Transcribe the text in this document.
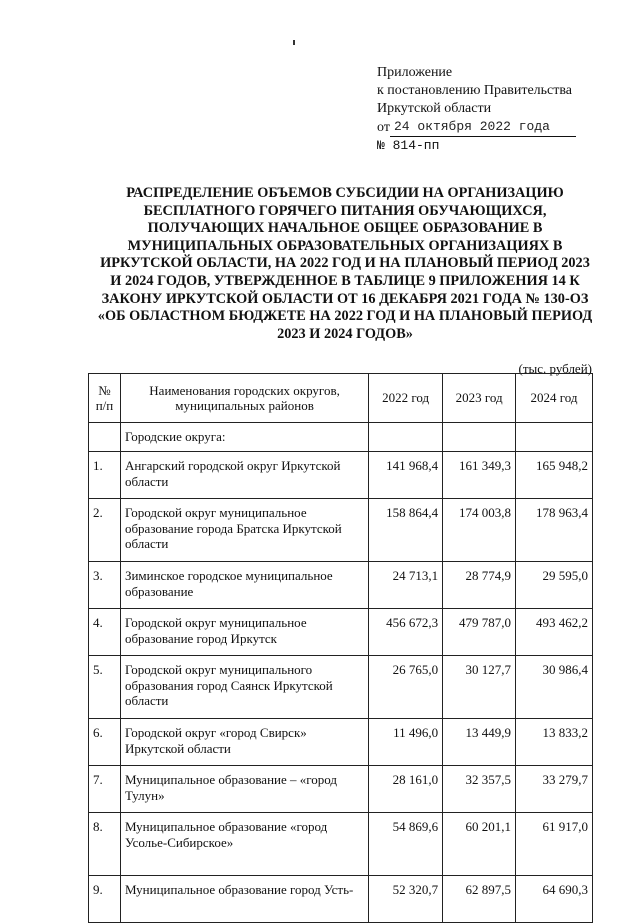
Приложение
к постановлению Правительства
Иркутской области
от 24 октября 2022 года
№ 814-пп
РАСПРЕДЕЛЕНИЕ ОБЪЕМОВ СУБСИДИИ НА ОРГАНИЗАЦИЮ БЕСПЛАТНОГО ГОРЯЧЕГО ПИТАНИЯ ОБУЧАЮЩИХСЯ, ПОЛУЧАЮЩИХ НАЧАЛЬНОЕ ОБЩЕЕ ОБРАЗОВАНИЕ В МУНИЦИПАЛЬНЫХ ОБРАЗОВАТЕЛЬНЫХ ОРГАНИЗАЦИЯХ В ИРКУТСКОЙ ОБЛАСТИ, НА 2022 ГОД И НА ПЛАНОВЫЙ ПЕРИОД 2023 И 2024 ГОДОВ, УТВЕРЖДЕННОЕ В ТАБЛИЦЕ 9 ПРИЛОЖЕНИЯ 14 К ЗАКОНУ ИРКУТСКОЙ ОБЛАСТИ ОТ 16 ДЕКАБРЯ 2021 ГОДА № 130-ОЗ «ОБ ОБЛАСТНОМ БЮДЖЕТЕ НА 2022 ГОД И НА ПЛАНОВЫЙ ПЕРИОД 2023 И 2024 ГОДОВ»
(тыс. рублей)
№ п/п	Наименования городских округов, муниципальных районов	2022 год	2023 год	2024 год
	Городские округа:			
1.	Ангарский городской округ Иркутской области	141 968,4	161 349,3	165 948,2
2.	Городской округ муниципальное образование города Братска Иркутской области	158 864,4	174 003,8	178 963,4
3.	Зиминское городское муниципальное образование	24 713,1	28 774,9	29 595,0
4.	Городской округ муниципальное образование город Иркутск	456 672,3	479 787,0	493 462,2
5.	Городской округ муниципального образования город Саянск Иркутской области	26 765,0	30 127,7	30 986,4
6.	Городской округ «город Свирск» Иркутской области	11 496,0	13 449,9	13 833,2
7.	Муниципальное образование – «город Тулун»	28 161,0	32 357,5	33 279,7
8.	Муниципальное образование «город Усолье-Сибирское»	54 869,6	60 201,1	61 917,0
9.	Муниципальное образование город Усть-	52 320,7	62 897,5	64 690,3
